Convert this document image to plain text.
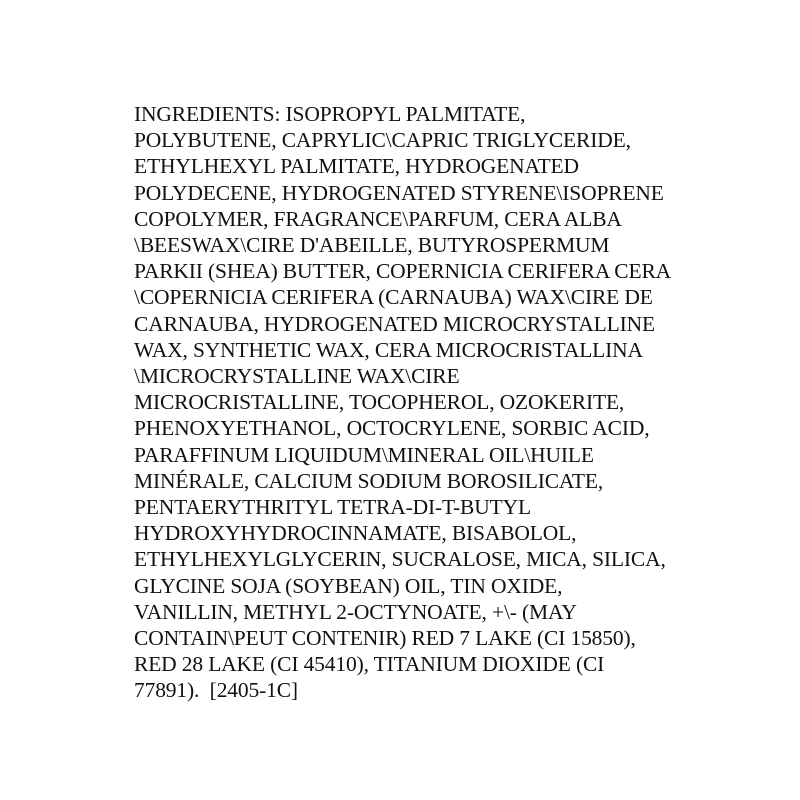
INGREDIENTS: ISOPROPYL PALMITATE,
POLYBUTENE, CAPRYLIC\CAPRIC TRIGLYCERIDE,
ETHYLHEXYL PALMITATE, HYDROGENATED
POLYDECENE, HYDROGENATED STYRENE\ISOPRENE
COPOLYMER, FRAGRANCE\PARFUM, CERA ALBA
\BEESWAX\CIRE D'ABEILLE, BUTYROSPERMUM
PARKII (SHEA) BUTTER, COPERNICIA CERIFERA CERA
\COPERNICIA CERIFERA (CARNAUBA) WAX\CIRE DE
CARNAUBA, HYDROGENATED MICROCRYSTALLINE
WAX, SYNTHETIC WAX, CERA MICROCRISTALLINA
\MICROCRYSTALLINE WAX\CIRE
MICROCRISTALLINE, TOCOPHEROL, OZOKERITE,
PHENOXYETHANOL, OCTOCRYLENE, SORBIC ACID,
PARAFFINUM LIQUIDUM\MINERAL OIL\HUILE
MINÉRALE, CALCIUM SODIUM BOROSILICATE,
PENTAERYTHRITYL TETRA-DI-T-BUTYL
HYDROXYHYDROCINNAMATE, BISABOLOL,
ETHYLHEXYLGLYCERIN, SUCRALOSE, MICA, SILICA,
GLYCINE SOJA (SOYBEAN) OIL, TIN OXIDE,
VANILLIN, METHYL 2-OCTYNOATE, +\- (MAY
CONTAIN\PEUT CONTENIR) RED 7 LAKE (CI 15850),
RED 28 LAKE (CI 45410), TITANIUM DIOXIDE (CI
77891).  [2405-1C]
